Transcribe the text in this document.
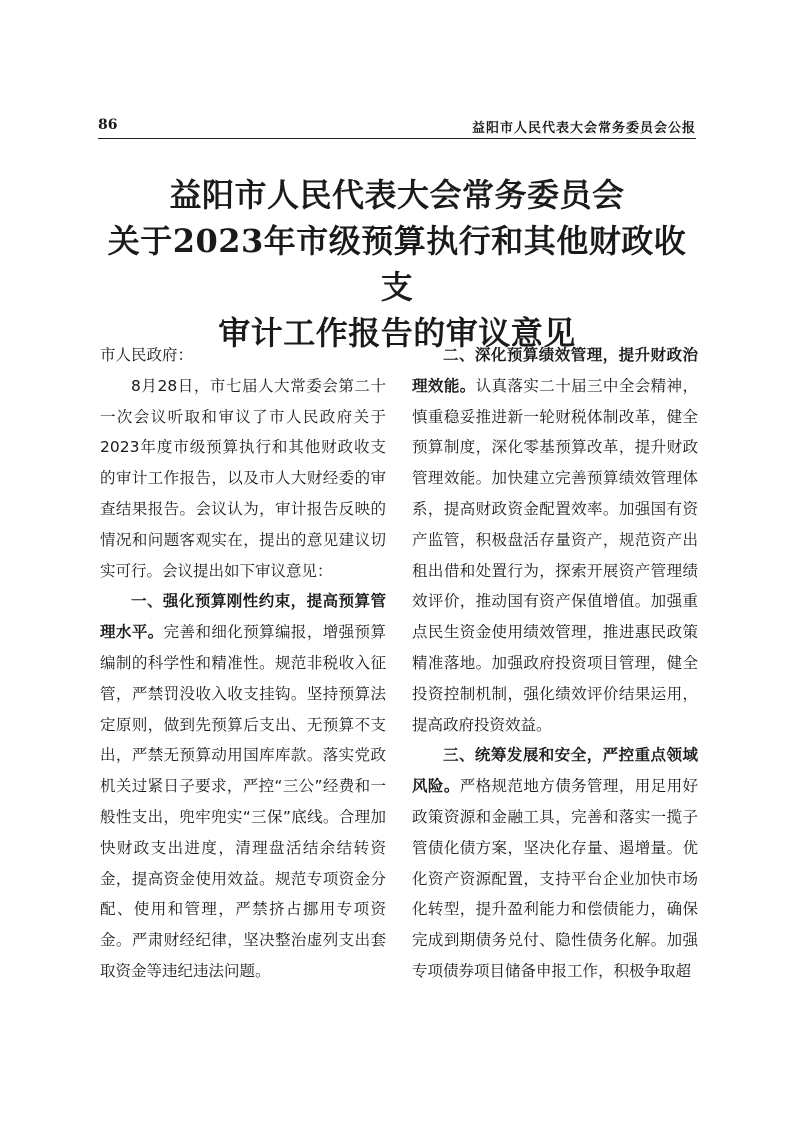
86	益阳市人民代表大会常务委员会公报
益阳市人民代表大会常务委员会
关于2023年市级预算执行和其他财政收支
审计工作报告的审议意见

市人民政府：

8月28日，市七届人大常委会第二十一次会议听取和审议了市人民政府关于2023年度市级预算执行和其他财政收支的审计工作报告，以及市人大财经委的审查结果报告。会议认为，审计报告反映的情况和问题客观实在，提出的意见建议切实可行。会议提出如下审议意见：

一、强化预算刚性约束，提高预算管理水平。完善和细化预算编报，增强预算编制的科学性和精准性。规范非税收入征管，严禁罚没收入收支挂钩。坚持预算法定原则，做到先预算后支出、无预算不支出，严禁无预算动用国库库款。落实党政机关过紧日子要求，严控“三公”经费和一般性支出，兜牢兜实“三保”底线。合理加快财政支出进度，清理盘活结余结转资金，提高资金使用效益。规范专项资金分配、使用和管理，严禁挤占挪用专项资金。严肃财经纪律，坚决整治虚列支出套取资金等违纪违法问题。

二、深化预算绩效管理，提升财政治理效能。认真落实二十届三中全会精神，慎重稳妥推进新一轮财税体制改革，健全预算制度，深化零基预算改革，提升财政管理效能。加快建立完善预算绩效管理体系，提高财政资金配置效率。加强国有资产监管，积极盘活存量资产，规范资产出租出借和处置行为，探索开展资产管理绩效评价，推动国有资产保值增值。加强重点民生资金使用绩效管理，推进惠民政策精准落地。加强政府投资项目管理，健全投资控制机制，强化绩效评价结果运用，提高政府投资效益。

三、统筹发展和安全，严控重点领域风险。严格规范地方债务管理，用足用好政策资源和金融工具，完善和落实一揽子管债化债方案，坚决化存量、遏增量。优化资产资源配置，支持平台企业加快市场化转型，提升盈利能力和偿债能力，确保完成到期债务兑付、隐性债务化解。加强专项债券项目储备申报工作，积极争取超
